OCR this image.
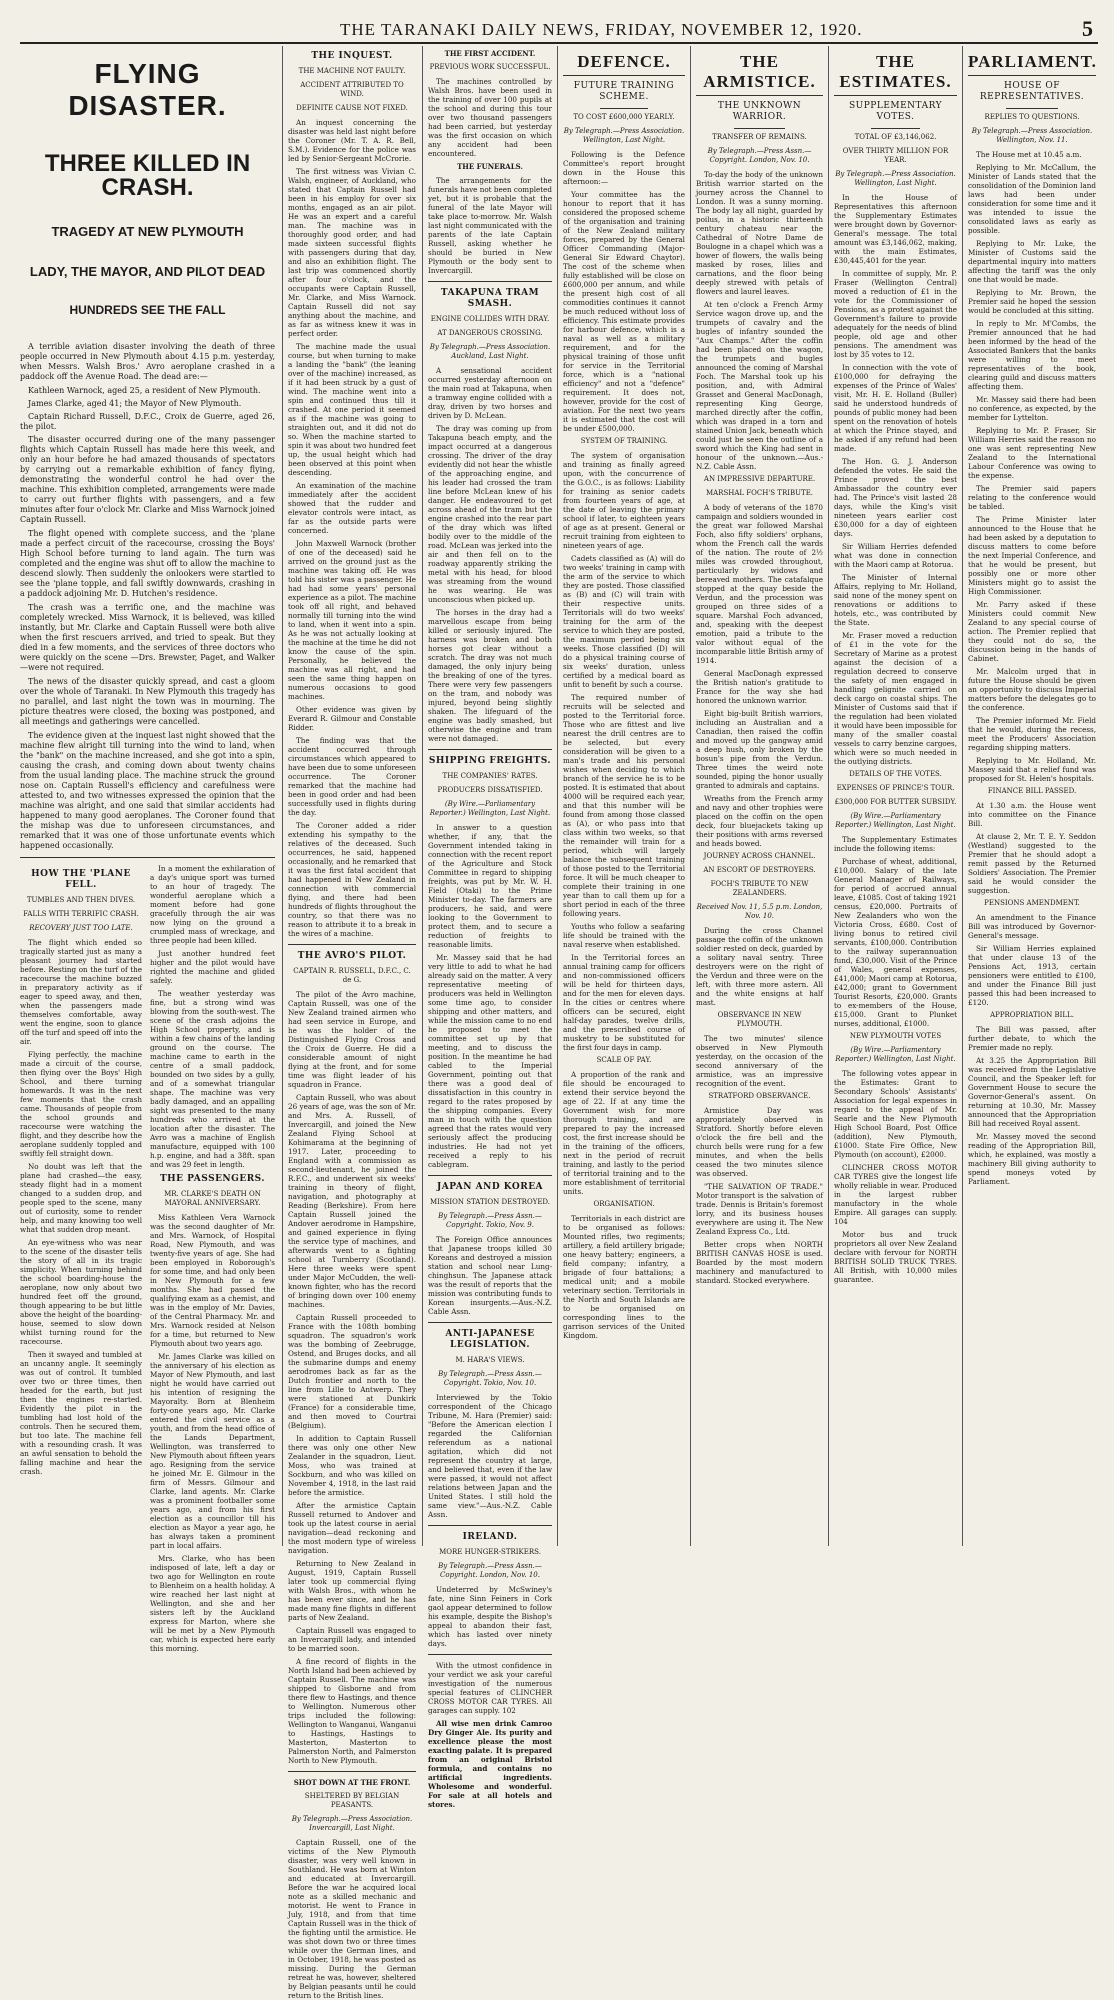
THE TARANAKI DAILY NEWS, FRIDAY, NOVEMBER 12, 1920.	5
FLYING DISASTER.
THREE KILLED IN CRASH.
TRAGEDY AT NEW PLYMOUTH
LADY, THE MAYOR, AND PILOT DEAD
HUNDREDS SEE THE FALL

A terrible aviation disaster involving the death of three people occurred in New Plymouth about 4.15 p.m. yesterday, when Messrs. Walsh Bros.' Avro aeroplane crashed in a paddock off the Avenue Road. The dead are:—

Kathleen Warnock, aged 25, a resident of New Plymouth.
James Clarke, aged 41; the Mayor of New Plymouth.
Captain Richard Russell, D.F.C., Croix de Guerre, aged 26, the pilot.

The disaster occurred during one of the many passenger flights which Captain Russell has made here this week, and only an hour before he had amazed thousands of spectators by carrying out a remarkable exhibition of fancy flying, demonstrating the wonderful control he had over the machine. This exhibition completed, arrangements were made to carry out further flights with passengers, and a few minutes after four o'clock Mr. Clarke and Miss Warnock joined Captain Russell.

The flight opened with complete success, and the 'plane made a perfect circuit of the racecourse, crossing the Boys' High School before turning to land again. The turn was completed and the engine was shut off to allow the machine to descend slowly. Then suddenly the onlookers were startled to see the 'plane topple, and fall swiftly downwards, crashing in a paddock adjoining Mr. D. Hutchen's residence.

The crash was a terrific one, and the machine was completely wrecked. Miss Warnock, it is believed, was killed instantly, but Mr. Clarke and Captain Russell were both alive when the first rescuers arrived, and tried to speak. But they died in a few moments, and the services of three doctors who were quickly on the scene —Drs. Brewster, Paget, and Walker—were not required.

The news of the disaster quickly spread, and cast a gloom over the whole of Taranaki. In New Plymouth this tragedy has no parallel, and last night the town was in mourning. The picture theatres were closed, the boxing was postponed, and all meetings and gatherings were cancelled.

The evidence given at the inquest last night showed that the machine flew alright till turning into the wind to land, when the "bank" on the machine increased, and she got into a spin, causing the crash, and coming down about twenty chains from the usual landing place. The machine struck the ground nose on. Captain Russell's efficiency and carefulness were attested to, and two witnesses expressed the opinion that the machine was alright, and one said that similar accidents had happened to many good aeroplanes. The Coroner found that the mishap was due to unforeseen circumstances, and remarked that it was one of those unfortunate events which happened occasionally.

HOW THE 'PLANE FELL.
TUMBLES AND THEN DIVES.
FALLS WITH TERRIFIC CRASH.
RECOVERY JUST TOO LATE.

The flight which ended so tragically started just as many a pleasant journey had started before. Resting on the turf of the racecourse the machine buzzed in preparatory activity as if eager to speed away, and then, when the passengers made themselves comfortable, away went the engine, soon to glance off the turf and speed off into the air.

Flying perfectly, the machine made a circuit of the course, then flying over the Boys' High School, and there turning homewards. It was in the next few moments that the crash came. Thousands of people from the school grounds and racecourse were watching the flight, and they describe how the aeroplane suddenly toppled and swiftly fell straight down.

No doubt was left that the plane had crashed—the easy, steady flight had in a moment changed to a sudden drop, and people sped to the scene, many out of curiosity, some to render help, and many knowing too well what that sudden drop meant.

An eye-witness who was near to the scene of the disaster tells the story of all in its tragic simplicity. When turning behind the school boarding-house the aeroplane, now only about two hundred feet off the ground, though appearing to be but little above the height of the boarding-house, seemed to slow down whilst turning round for the racecourse.

Then it swayed and tumbled at an uncanny angle. It seemingly was out of control. It tumbled over two or three times, then headed for the earth, but just then the engines re-started. Evidently the pilot in the tumbling had lost hold of the controls. Then he secured them, but too late. The machine fell with a resounding crash. It was an awful sensation to behold the falling machine and hear the crash.

In a moment the exhilaration of a day's unique sport was turned to an hour of tragedy. The wonderful aeroplane which a moment before had gone gracefully through the air was now lying on the ground a crumpled mass of wreckage, and three people had been killed.

Just another hundred feet higher and the pilot would have righted the machine and glided safely.

The weather yesterday was fine, but a strong wind was blowing from the south-west. The scene of the crash adjoins the High School property, and is within a few chains of the landing ground on the course. The machine came to earth in the centre of a small paddock, bounded on two sides by a gully, and of a somewhat triangular shape. The machine was very badly damaged, and an appalling sight was presented to the many hundreds who arrived at the location after the disaster. The Avro was a machine of English manufacture, equipped with 100 h.p. engine, and had a 38ft. span and was 29 feet in length.

THE PASSENGERS.
MR. CLARKE'S DEATH ON MAYORAL ANNIVERSARY.

Miss Kathleen Vera Warnock was the second daughter of Mr. and Mrs. Warnock, of Hospital Road, New Plymouth, and was twenty-five years of age. She had been employed in Roborough's for some time, and had only been in New Plymouth for a few months. She had passed the qualifying exam as a chemist, and was in the employ of Mr. Davies, of the Central Pharmacy. Mr. and Mrs. Warnock resided at Nelson for a time, but returned to New Plymouth about two years ago.

Mr. James Clarke was killed on the anniversary of his election as Mayor of New Plymouth, and last night he would have carried out his intention of resigning the Mayoralty. Born at Blenheim forty-one years ago, Mr. Clarke entered the civil service as a youth, and from the head office of the Lands Department, Wellington, was transferred to New Plymouth about fifteen years ago. Resigning from the service he joined Mr. E. Gilmour in the firm of Messrs. Gilmour and Clarke, land agents. Mr. Clarke was a prominent footballer some years ago, and from his first election as a councillor till his election as Mayor a year ago, he has always taken a prominent part in local affairs.

Mrs. Clarke, who has been indisposed of late, left a day or two ago for Wellington en route to Blenheim on a health holiday. A wire reached her last night at Wellington, and she and her sisters left by the Auckland express for Marton, where she will be met by a New Plymouth car, which is expected here early this morning.

THE INQUEST.
THE MACHINE NOT FAULTY.
ACCIDENT ATTRIBUTED TO WIND.
DEFINITE CAUSE NOT FIXED.

An inquest concerning the disaster was held last night before the Coroner (Mr. T. A. R. Bell, S.M.). Evidence for the police was led by Senior-Sergeant McCrorie.

The first witness was Vivian C. Walsh, engineer, of Auckland, who stated that Captain Russell had been in his employ for over six months, engaged as an air pilot. He was an expert and a careful man. The machine was in thoroughly good order, and had made sixteen successful flights with passengers during that day, and also an exhibition flight. The last trip was commenced shortly after four o'clock, and the occupants were Captain Russell, Mr. Clarke, and Miss Warnock. Captain Russell did not say anything about the machine, and as far as witness knew it was in perfect order.

The machine made the usual course, but when turning to make a landing the "bank" (the leaning over of the machine) increased, as if it had been struck by a gust of wind. The machine went into a spin and continued thus till it crashed. At one period it seemed as if the machine was going to straighten out, and it did not do so. When the machine started to spin it was about two hundred feet up, the usual height which had been observed at this point when descending.

An examination of the machine immediately after the accident showed that the rudder and elevator controls were intact, as far as the outside parts were concerned.

John Maxwell Warnock (brother of one of the deceased) said he arrived on the ground just as the machine was taking off. He was told his sister was a passenger. He had had some years' personal experience as a pilot. The machine took off all right, and behaved normally till turning into the wind to land, when it went into a spin. As he was not actually looking at the machine at the time he did not know the cause of the spin. Personally, he believed the machine was all right, and had seen the same thing happen on numerous occasions to good machines.

Other evidence was given by Everard R. Gilmour and Constable Ridder.

The finding was that the accident occurred through circumstances which appeared to have been due to some unforeseen occurrence. The Coroner remarked that the machine had been in good order and had been successfully used in flights during the day.

The Coroner added a rider extending his sympathy to the relatives of the deceased. Such occurrences, he said, happened occasionally, and he remarked that it was the first fatal accident that had happened in New Zealand in connection with commercial flying, and there had been hundreds of flights throughout the country, so that there was no reason to attribute it to a break in the wires of a machine.

THE AVRO'S PILOT.
CAPTAIN R. RUSSELL, D.F.C., C. de G.

The pilot of the Avro machine, Captain Russell, was one of the New Zealand trained airmen who had seen service in Europe, and he was the holder of the Distinguished Flying Cross and the Croix de Guerre. He did a considerable amount of night flying at the front, and for some time was flight leader of his squadron in France.

Captain Russell, who was about 26 years of age, was the son of Mr. and Mrs. A. Russell, of Invercargill, and joined the New Zealand Flying School at Kohimarama at the beginning of 1917. Later, proceeding to England with a commission as second-lieutenant, he joined the R.F.C., and underwent six weeks' training in theory of flight, navigation, and photography at Reading (Berkshire). From here Captain Russell joined the Andover aerodrome in Hampshire, and gained experience in flying the service type of machines, and afterwards went to a fighting school at Turnberry (Scotland). Here three weeks were spent under Major McCudden, the well-known fighter, who has the record of bringing down over 100 enemy machines.

Captain Russell proceeded to France with the 108th bombing squadron. The squadron's work was the bombing of Zeebrugge, Ostend, and Bruges docks, and all the submarine dumps and enemy aerodromes back as far as the Dutch frontier and north to the line from Lille to Antwerp. They were stationed at Dunkirk (France) for a considerable time, and then moved to Courtrai (Belgium).

In addition to Captain Russell there was only one other New Zealander in the squadron, Lieut. Moss, who was trained at Sockburn, and who was killed on November 4, 1918, in the last raid before the armistice.

After the armistice Captain Russell returned to Andover and took up the latest course in aerial navigation—dead reckoning and the most modern type of wireless navigation.

Returning to New Zealand in August, 1919, Captain Russell later took up commercial flying with Walsh Bros., with whom he has been ever since, and he has made many fine flights in different parts of New Zealand.

Captain Russell was engaged to an Invercargill lady, and intended to be married soon.

A fine record of flights in the North Island had been achieved by Captain Russell. The machine was shipped to Gisborne and from there flew to Hastings, and thence to Wellington. Numerous other trips included the following: Wellington to Wanganui, Wanganui to Hastings, Hastings to Masterton, Masterton to Palmerston North, and Palmerston North to New Plymouth.

SHOT DOWN AT THE FRONT.
SHELTERED BY BELGIAN PEASANTS.
By Telegraph.—Press Association. Invercargill, Last Night.

Captain Russell, one of the victims of the New Plymouth disaster, was very well known in Southland. He was born at Winton and educated at Invercargill. Before the war he acquired local note as a skilled mechanic and motorist. He went to France in July, 1918, and from that time Captain Russell was in the thick of the fighting until the armistice. He was shot down two or three times while over the German lines, and in October, 1918, he was posted as missing. During the German retreat he was, however, sheltered by Belgian peasants until he could return to the British lines.

THE FIRST ACCIDENT.
PREVIOUS WORK SUCCESSFUL.

The machines controlled by Walsh Bros. have been used in the training of over 100 pupils at the school and during this tour over two thousand passengers had been carried, but yesterday was the first occasion on which any accident had been encountered.

THE FUNERALS.

The arrangements for the funerals have not been completed yet, but it is probable that the funeral of the late Mayor will take place to-morrow. Mr. Walsh last night communicated with the parents of the late Captain Russell, asking whether he should be buried in New Plymouth or the body sent to Invercargill.

TAKAPUNA TRAM SMASH.
ENGINE COLLIDES WITH DRAY.
AT DANGEROUS CROSSING.
By Telegraph.—Press Association. Auckland, Last Night.

A sensational accident occurred yesterday afternoon on the main road at Takapuna, when a tramway engine collided with a dray, driven by two horses and driven by D. McLean.

The dray was coming up from Takapuna beach empty, and the impact occurred at a dangerous crossing. The driver of the dray evidently did not hear the whistle of the approaching engine, and his leader had crossed the tram line before McLean knew of his danger. He endeavoured to get across ahead of the tram but the engine crashed into the rear part of the dray which was lifted bodily over to the middle of the road. McLean was jerked into the air and then fell on to the roadway apparently striking the metal with his head, for blood was streaming from the wound he was wearing. He was unconscious when picked up.

The horses in the dray had a marvellous escape from being killed or seriously injured. The harness was broken and both horses got clear without a scratch. The dray was not much damaged, the only injury being the breaking of one of the tyres. There were very few passengers on the tram, and nobody was injured, beyond being slightly shaken. The lifeguard of the engine was badly smashed, but otherwise the engine and tram were not damaged.

SHIPPING FREIGHTS.
THE COMPANIES' RATES.
PRODUCERS DISSATISFIED.
(By Wire.—Parliamentary Reporter.) Wellington, Last Night.

In answer to a question whether, if any, that the Government intended taking in connection with the recent report of the Agriculture and Stock Committee in regard to shipping freights, was put by Mr. W. H. Field (Otaki) to the Prime Minister to-day. The farmers are producers, he said, and were looking to the Government to protect them, and to secure a reduction of freights to reasonable limits.

Mr. Massey said that he had very little to add to what he had already said on the matter. A very representative meeting of producers was held in Wellington some time ago, to consider shipping and other matters, and while the mission came to no end he proposed to meet the committee set up by that meeting, and to discuss the position. In the meantime he had cabled to the Imperial Government, pointing out that there was a good deal of dissatisfaction in this country in regard to the rates proposed by the shipping companies. Every man in touch with the question agreed that the rates would very seriously affect the producing industries. He had not yet received a reply to his cablegram.

JAPAN AND KOREA
MISSION STATION DESTROYED.
By Telegraph.—Press Assn.—Copyright. Tokio, Nov. 9.

The Foreign Office announces that Japanese troops killed 30 Koreans and destroyed a mission station and school near Lung-chinghsun. The Japanese attack was the result of reports that the mission was contributing funds to Korean insurgents.—Aus.-N.Z. Cable Assn.

ANTI-JAPANESE LEGISLATION.
M. HARA'S VIEWS.
By Telegraph.—Press Assn.—Copyright. Tokio, Nov. 10.

Interviewed by the Tokio correspondent of the Chicago Tribune, M. Hara (Premier) said: "Before the American election I regarded the Californian referendum as a national agitation, which did not represent the country at large, and believed that, even if the law were passed, it would not affect relations between Japan and the United States. I still hold the same view."—Aus.-N.Z. Cable Assn.

IRELAND.
MORE HUNGER-STRIKERS.
By Telegraph.—Press Assn.—Copyright. London, Nov. 10.

Undeterred by McSwiney's fate, nine Sinn Feiners in Cork gaol appear determined to follow his example, despite the Bishop's appeal to abandon their fast, which has lasted over ninety days.

With the utmost confidence in your verdict we ask your careful investigation of the numerous special features of CLINCHER CROSS MOTOR CAR TYRES. All garages can supply. 102

All wise men drink Camroo Dry Ginger Ale. Its purity and excellence please the most exacting palate. It is prepared from an original Bristol formula, and contains no artificial ingredients. Wholesome and wonderful. For sale at all hotels and stores.

DEFENCE.
FUTURE TRAINING SCHEME.
TO COST £600,000 YEARLY.
By Telegraph.—Press Association. Wellington, Last Night.

Following is the Defence Committee's report brought down in the House this afternoon:—

Your committee has the honour to report that it has considered the proposed scheme of the organisation and training of the New Zealand military forces, prepared by the General Officer Commanding (Major-General Sir Edward Chaytor). The cost of the scheme when fully established will be close on £600,000 per annum, and while the present high cost of all commodities continues it cannot be much reduced without loss of efficiency. This estimate provides for harbour defence, which is a naval as well as a military requirement, and for the physical training of those unfit for service in the Territorial force, which is a "national efficiency" and not a "defence" requirement. It does not, however, provide for the cost of aviation. For the next two years it is estimated that the cost will be under £500,000.

SYSTEM OF TRAINING.

The system of organisation and training as finally agreed upon, with the concurrence of the G.O.C., is as follows: Liability for training as senior cadets from fourteen years of age, at the date of leaving the primary school if later, to eighteen years of age as at present. General or recruit training from eighteen to nineteen years of age.

Cadets classified as (A) will do two weeks' training in camp with the arm of the service to which they are posted. Those classified as (B) and (C) will train with their respective units. Territorials will do two weeks' training for the arm of the service to which they are posted, the maximum period being six weeks. Those classified (D) will do a physical training course of six weeks' duration, unless certified by a medical board as unfit to benefit by such a course.

The required number of recruits will be selected and posted to the Territorial force. Those who are fittest and live nearest the drill centres are to be selected, but every consideration will be given to a man's trade and his personal wishes when deciding to which branch of the service he is to be posted. It is estimated that about 4000 will be required each year, and that this number will be found from among those classed as (A), or who pass into that class within two weeks, so that the remainder will train for a period, which will largely balance the subsequent training of those posted to the Territorial force. It will be much cheaper to complete their training in one year than to call them up for a short period in each of the three following years.

Youths who follow a seafaring life should be trained with the naval reserve when established.

In the Territorial forces an annual training camp for officers and non-commissioned officers will be held for thirteen days, and for the men for eleven days. In the cities or centres where officers can be secured, eight half-day parades, twelve drills, and the prescribed course of musketry to be substituted for the first four days in camp.

SCALE OF PAY.

A proportion of the rank and file should be encouraged to extend their service beyond the age of 22. If at any time the Government wish for more thorough training, and are prepared to pay the increased cost, the first increase should be in the training of the officers, next in the period of recruit training, and lastly to the period of territorial training and to the more establishment of territorial units.

ORGANISATION.

Territorials in each district are to be organised as follows: Mounted rifles, two regiments; artillery, a field artillery brigade; one heavy battery; engineers, a field company; infantry, a brigade of four battalions; a medical unit; and a mobile veterinary section. Territorials in the North and South Islands are to be organised on corresponding lines to the garrison services of the United Kingdom.

THE ARMISTICE.
THE UNKNOWN WARRIOR.
TRANSFER OF REMAINS.
By Telegraph.—Press Assn.—Copyright. London, Nov. 10.

To-day the body of the unknown British warrior started on the journey across the Channel to London. It was a sunny morning. The body lay all night, guarded by poilus, in a historic thirteenth century chateau near the Cathedral of Notre Dame de Boulogne in a chapel which was a bower of flowers, the walls being masked by roses, lilies and carnations, and the floor being deeply strewed with petals of flowers and laurel leaves.

At ten o'clock a French Army Service wagon drove up, and the trumpets of cavalry and the bugles of infantry sounded the "Aux Champs." After the coffin had been placed on the wagon, the trumpets and bugles announced the coming of Marshal Foch. The Marshal took up his position, and, with Admiral Grasset and General MacDonagh, representing King George, marched directly after the coffin, which was draped in a torn and stained Union Jack, beneath which could just be seen the outline of a sword which the King had sent in honour of the unknown.—Aus.-N.Z. Cable Assn.

AN IMPRESSIVE DEPARTURE.
MARSHAL FOCH'S TRIBUTE.

A body of veterans of the 1870 campaign and soldiers wounded in the great war followed Marshal Foch, also fifty soldiers' orphans, whom the French call the wards of the nation. The route of 2½ miles was crowded throughout, particularly by widows and bereaved mothers. The catafalque stopped at the quay beside the Verdun, and the procession was grouped on three sides of a square. Marshal Foch advanced, and, speaking with the deepest emotion, paid a tribute to the valor without equal of the incomparable little British army of 1914.

General MacDonagh expressed the British nation's gratitude to France for the way she had honored the unknown warrior.

Eight big-built British warriors, including an Australian and a Canadian, then raised the coffin and moved up the gangway amid a deep hush, only broken by the bosun's pipe from the Verdun. Three times the weird note sounded, piping the honor usually granted to admirals and captains.

Wreaths from the French army and navy and other trophies were placed on the coffin on the open deck, four bluejackets taking up their positions with arms reversed and heads bowed.

JOURNEY ACROSS CHANNEL.
AN ESCORT OF DESTROYERS.
FOCH'S TRIBUTE TO NEW ZEALANDERS.
Received Nov. 11, 5.5 p.m. London, Nov. 10.

During the cross Channel passage the coffin of the unknown soldier rested on deck, guarded by a solitary naval sentry. Three destroyers were on the right of the Verdun and three were on the left, with three more astern. All and the white ensigns at half mast.

OBSERVANCE IN NEW PLYMOUTH.

The two minutes' silence observed in New Plymouth yesterday, on the occasion of the second anniversary of the armistice, was an impressive recognition of the event.

STRATFORD OBSERVANCE.

Armistice Day was appropriately observed in Stratford. Shortly before eleven o'clock the fire bell and the church bells were rung for a few minutes, and when the bells ceased the two minutes silence was observed.

"THE SALVATION OF TRADE." Motor transport is the salvation of trade. Dennis is Britain's foremost lorry, and its business houses everywhere are using it. The New Zealand Express Co., Ltd.

Better crops when NORTH BRITISH CANVAS HOSE is used. Boarded by the most modern machinery and manufactured to standard. Stocked everywhere.

THE ESTIMATES.
SUPPLEMENTARY VOTES.
TOTAL OF £3,146,062.
OVER THIRTY MILLION FOR YEAR.
By Telegraph.—Press Association. Wellington, Last Night.

In the House of Representatives this afternoon the Supplementary Estimates were brought down by Governor-General's message. The total amount was £3,146,062, making, with the main Estimates, £30,445,401 for the year.

In committee of supply, Mr. P. Fraser (Wellington Central) moved a reduction of £1 in the vote for the Commissioner of Pensions, as a protest against the Government's failure to provide adequately for the needs of blind people, old age and other pensions. The amendment was lost by 35 votes to 12.

In connection with the vote of £100,000 for defraying the expenses of the Prince of Wales' visit, Mr. H. E. Holland (Buller) said he understood hundreds of pounds of public money had been spent on the renovation of hotels at which the Prince stayed, and he asked if any refund had been made.

The Hon. G. J. Anderson defended the votes. He said the Prince proved the best Ambassador the country ever had. The Prince's visit lasted 28 days, while the King's visit nineteen years earlier cost £30,000 for a day of eighteen days.

Sir William Herries defended what was done in connection with the Maori camp at Rotorua.

The Minister of Internal Affairs, replying to Mr. Holland, said none of the money spent on renovations or additions to hotels, etc., was contributed by the State.

Mr. Fraser moved a reduction of £1 in the vote for the Secretary of Marine as a protest against the decision of a regulation decreed to conserve the safety of men engaged in handling gelignite carried on deck cargo on coastal ships. The Minister of Customs said that if the regulation had been violated it would have been impossible for many of the smaller coastal vessels to carry benzine cargoes, which were so much needed in the outlying districts.

DETAILS OF THE VOTES.
EXPENSES OF PRINCE'S TOUR.
£300,000 FOR BUTTER SUBSIDY.
(By Wire.—Parliamentary Reporter.) Wellington, Last Night.

The Supplementary Estimates include the following items:

Purchase of wheat, additional, £10,000. Salary of the late General Manager of Railways, for period of accrued annual leave, £1085. Cost of taking 1921 census, £20,000. Portraits of New Zealanders who won the Victoria Cross, £680. Cost of living bonus to retired civil servants, £100,000. Contribution to the railway superannuation fund, £30,000. Visit of the Prince of Wales, general expenses, £41,000; Maori camp at Rotorua, £42,000; grant to Government Tourist Resorts, £20,000. Grants to ex-members of the House, £15,000. Grant to Plunket nurses, additional, £1000.

NEW PLYMOUTH VOTES
(By Wire.—Parliamentary Reporter.) Wellington, Last Night.

The following votes appear in the Estimates: Grant to Secondary Schools' Assistants' Association for legal expenses in regard to the appeal of Mr. Searle and the New Plymouth High School Board, Post Office (addition), New Plymouth, £1000. State Fire Office, New Plymouth (on account), £2000.

CLINCHER CROSS MOTOR CAR TYRES give the longest life wholly reliable in wear. Produced in the largest rubber manufactory in the whole Empire. All garages can supply. 104

Motor bus and truck proprietors all over New Zealand declare with fervour for NORTH BRITISH SOLID TRUCK TYRES. All British, with 10,000 miles guarantee.

PARLIAMENT.
HOUSE OF REPRESENTATIVES.
REPLIES TO QUESTIONS.
By Telegraph.—Press Association. Wellington, Nov. 11.

The House met at 10.45 a.m.

Replying to Mr. McCallum, the Minister of Lands stated that the consolidation of the Dominion land laws had been under consideration for some time and it was intended to issue the consolidated laws as early as possible.

Replying to Mr. Luke, the Minister of Customs said the departmental inquiry into matters affecting the tariff was the only one that would be made.

Replying to Mr. Brown, the Premier said he hoped the session would be concluded at this sitting.

In reply to Mr. M'Combs, the Premier announced that he had been informed by the head of the Associated Bankers that the banks were willing to meet representatives of the book, clearing guild and discuss matters affecting them.

Mr. Massey said there had been no conference, as expected, by the member for Lyttelton.

Replying to Mr. P. Fraser, Sir William Herries said the reason no one was sent representing New Zealand to the International Labour Conference was owing to the expense.

The Premier said papers relating to the conference would be tabled.

The Prime Minister later announced to the House that he had been asked by a deputation to discuss matters to come before the next Imperial Conference, and that he would be present, but possibly one or more other Ministers might go to assist the High Commissioner.

Mr. Parry asked if these Ministers could commit New Zealand to any special course of action. The Premier replied that they could not do so, the discussion being in the hands of Cabinet.

Mr. Malcolm urged that in future the House should be given an opportunity to discuss Imperial matters before the delegates go to the conference.

The Premier informed Mr. Field that he would, during the recess, meet the Producers' Association regarding shipping matters.

Replying to Mr. Holland, Mr. Massey said that a relief fund was proposed for St. Helen's hospitals.

FINANCE BILL PASSED.

At 1.30 a.m. the House went into committee on the Finance Bill.

At clause 2, Mr. T. E. Y. Seddon (Westland) suggested to the Premier that he should adopt a remit passed by the Returned Soldiers' Association. The Premier said he would consider the suggestion.

PENSIONS AMENDMENT.

An amendment to the Finance Bill was introduced by Governor-General's message.

Sir William Herries explained that under clause 13 of the Pensions Act, 1913, certain pensioners were entitled to £100, and under the Finance Bill just passed this had been increased to £120.

APPROPRIATION BILL.

The Bill was passed, after further debate, to which the Premier made no reply.

At 3.25 the Appropriation Bill was received from the Legislative Council, and the Speaker left for Government House to secure the Governor-General's assent. On returning at 10.30, Mr. Massey announced that the Appropriation Bill had received Royal assent.

Mr. Massey moved the second reading of the Appropriation Bill, which, he explained, was mostly a machinery Bill giving authority to spend moneys voted by Parliament.
